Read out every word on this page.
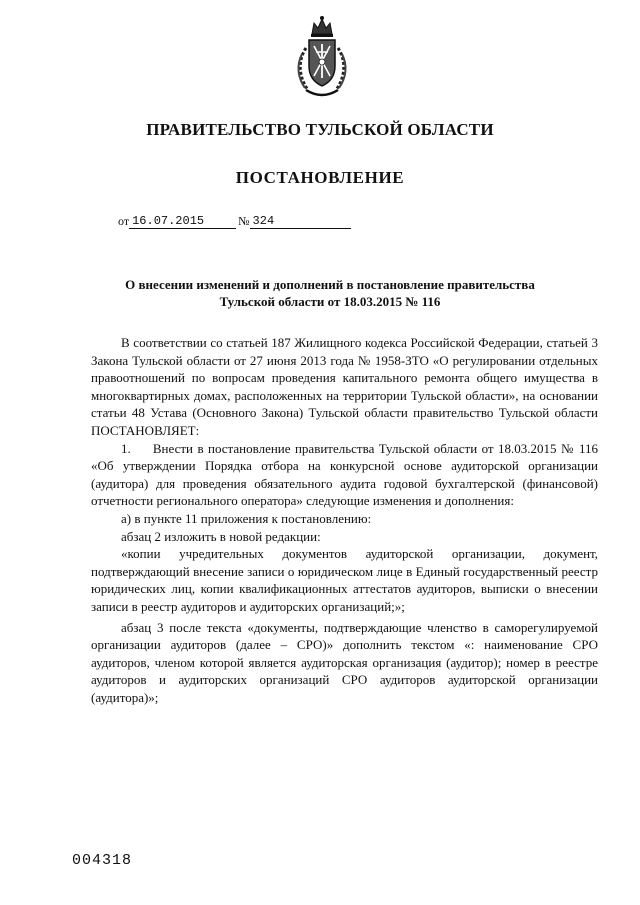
ПРАВИТЕЛЬСТВО ТУЛЬСКОЙ ОБЛАСТИ
ПОСТАНОВЛЕНИЕ
от 16.07.2015	№ 324
О внесении изменений и дополнений в постановление правительства Тульской области от 18.03.2015 № 116

В соответствии со статьей 187 Жилищного кодекса Российской Федерации, статьей 3 Закона Тульской области от 27 июня 2013 года № 1958-ЗТО «О регулировании отдельных правоотношений по вопросам проведения капитального ремонта общего имущества в многоквартирных домах, расположенных на территории Тульской области», на основании статьи 48 Устава (Основного Закона) Тульской области правительство Тульской области ПОСТАНОВЛЯЕТ:

1.     Внести в постановление правительства Тульской области от 18.03.2015 № 116 «Об утверждении Порядка отбора на конкурсной основе аудиторской организации (аудитора) для проведения обязательного аудита годовой бухгалтерской (финансовой) отчетности регионального оператора» следующие изменения и дополнения:

а) в пункте 11 приложения к постановлению:

абзац 2 изложить в новой редакции:

«копии учредительных документов аудиторской организации, документ, подтверждающий внесение записи о юридическом лице в Единый государственный реестр юридических лиц, копии квалификационных аттестатов аудиторов, выписки о внесении записи в реестр аудиторов и аудиторских организаций;»;

абзац 3 после текста «документы, подтверждающие членство в саморегулируемой организации аудиторов (далее – СРО)» дополнить текстом «: наименование СРО аудиторов, членом которой является аудиторская организация (аудитор); номер в реестре аудиторов и аудиторских организаций СРО аудиторов аудиторской организации (аудитора)»;

004318
